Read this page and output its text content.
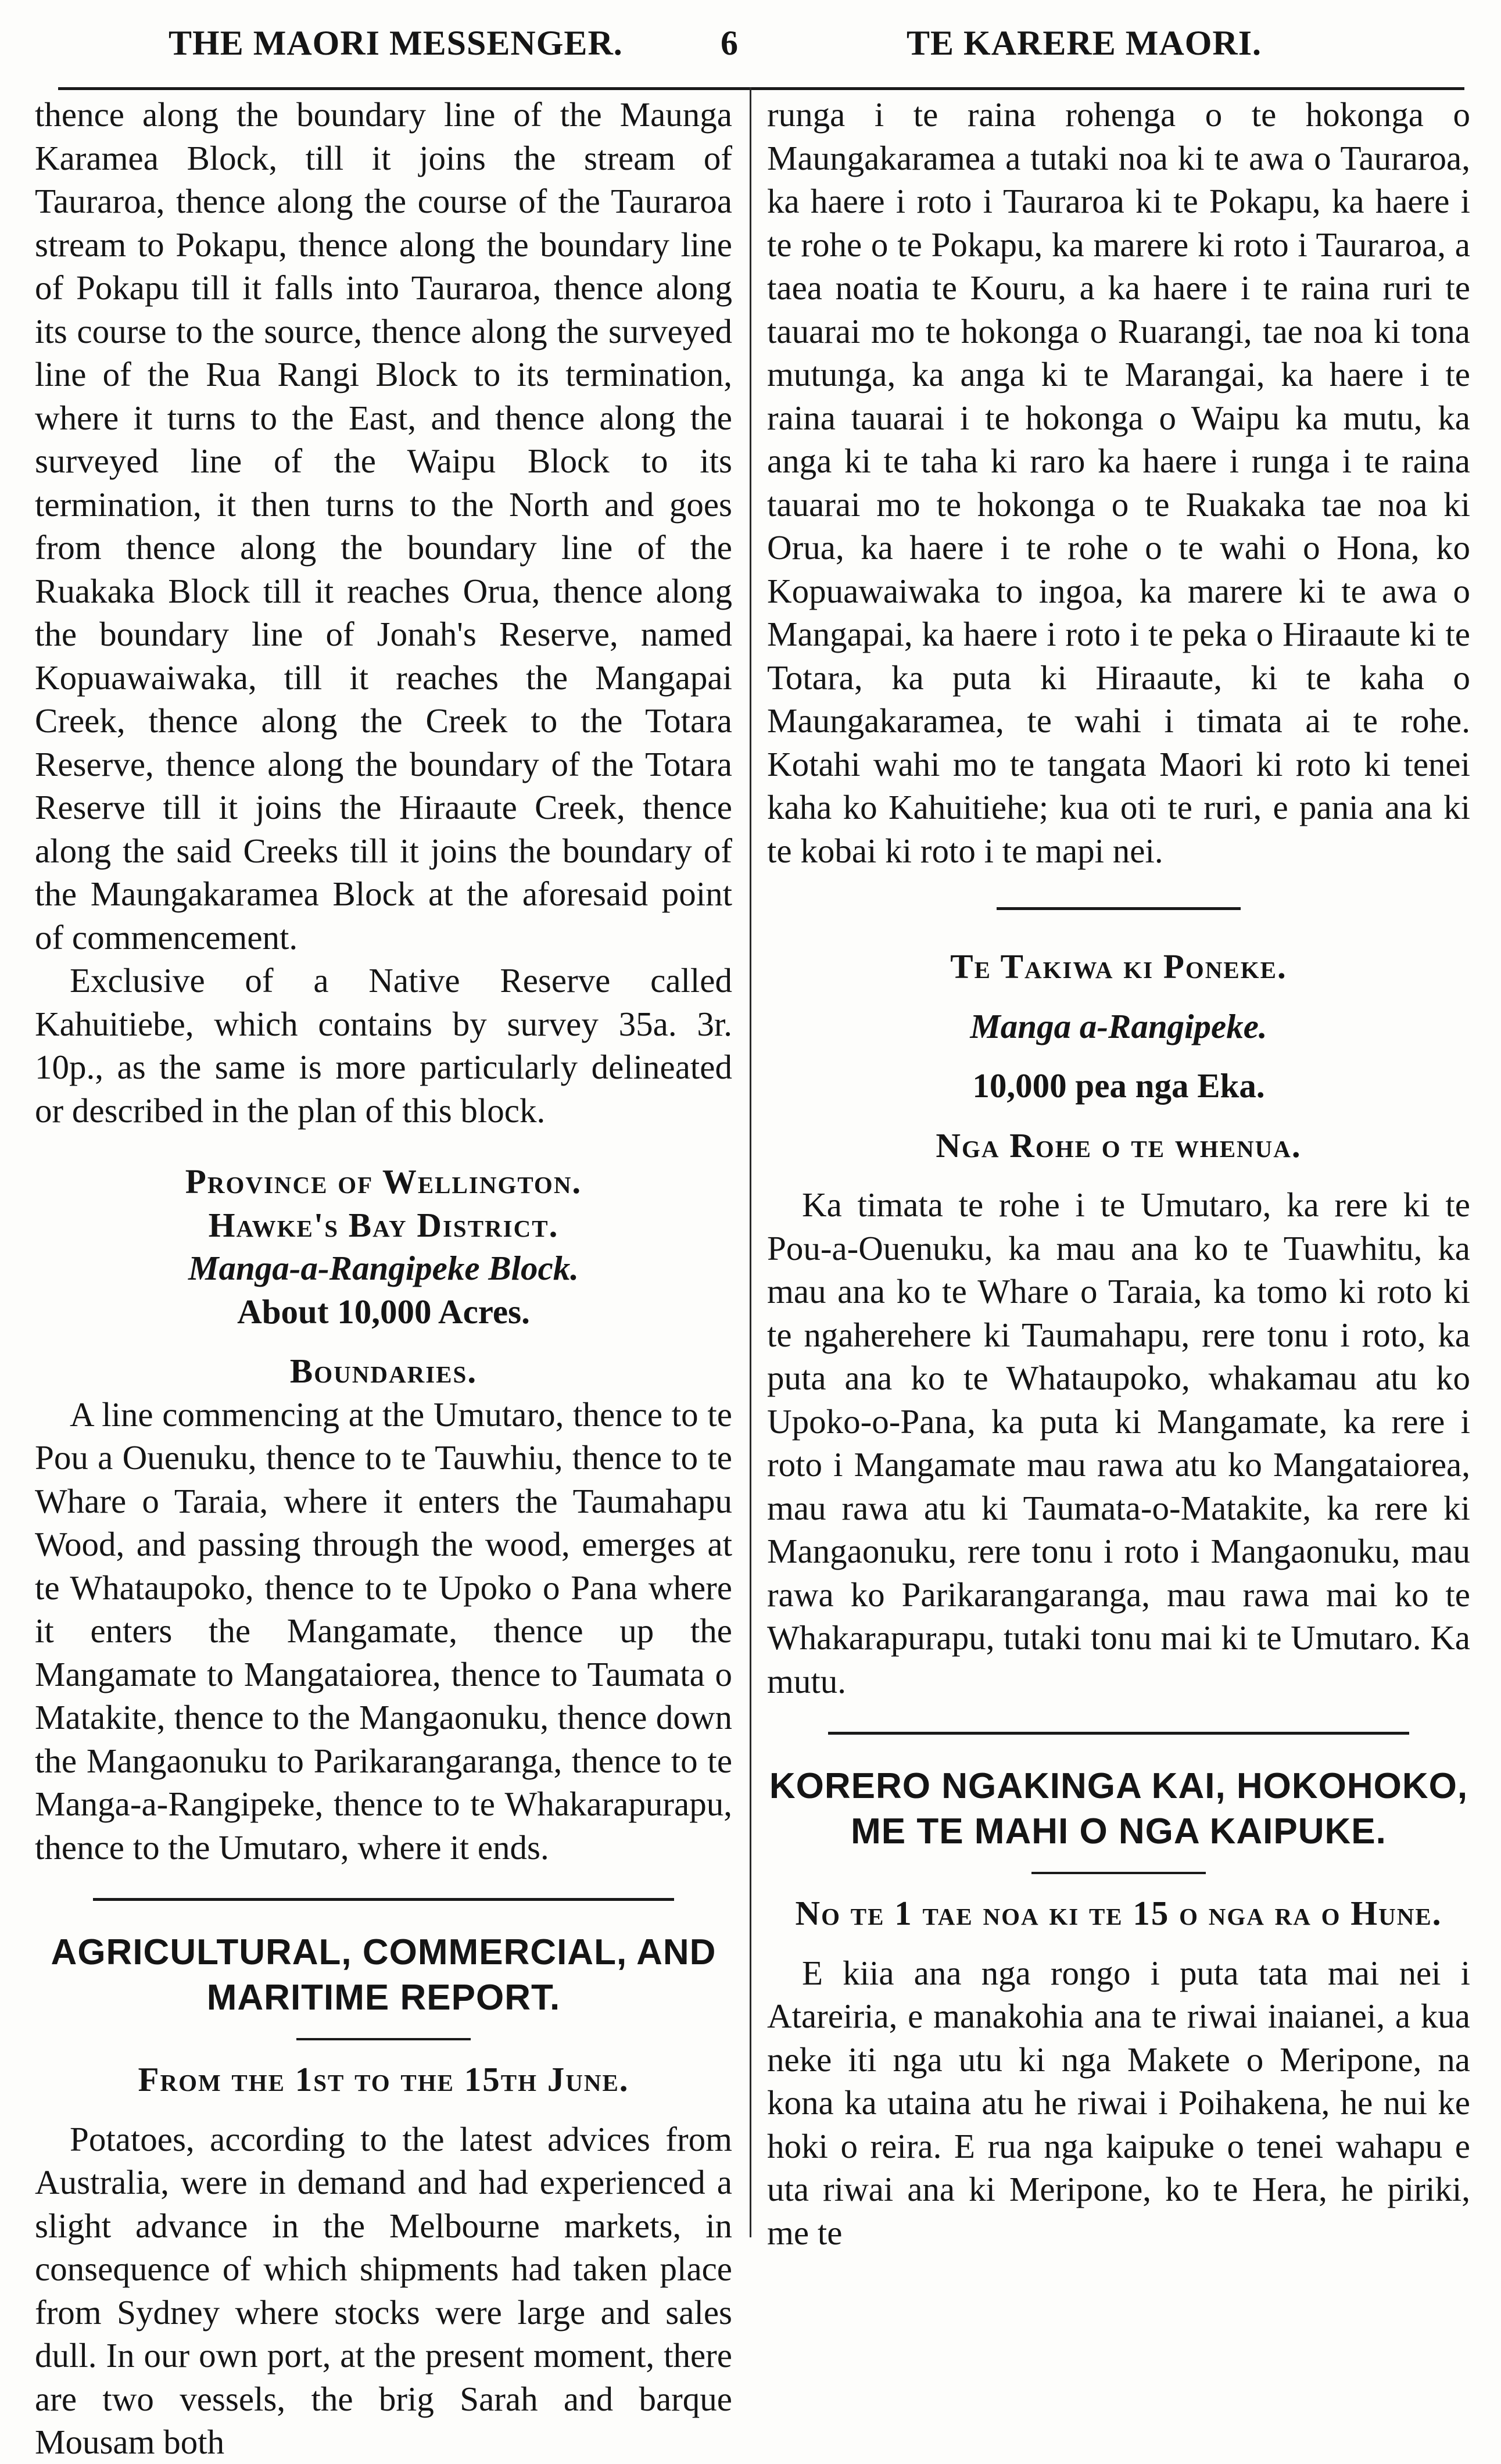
THE MAORI MESSENGER.	6	TE KARERE MAORI.

thence along the boundary line of the Maunga Karamea Block, till it joins the stream of Tauraroa, thence along the course of the Tauraroa stream to Pokapu, thence along the boundary line of Pokapu till it falls into Tauraroa, thence along its course to the source, thence along the surveyed line of the Rua Rangi Block to its termination, where it turns to the East, and thence along the surveyed line of the Waipu Block to its termination, it then turns to the North and goes from thence along the boundary line of the Ruakaka Block till it reaches Orua, thence along the boundary line of Jonah's Reserve, named Kopuawaiwaka, till it reaches the Mangapai Creek, thence along the Creek to the Totara Reserve, thence along the boundary of the Totara Reserve till it joins the Hiraaute Creek, thence along the said Creeks till it joins the boundary of the Maungakaramea Block at the aforesaid point of commencement.

Exclusive of a Native Reserve called Kahuitiebe, which contains by survey 35a. 3r. 10p., as the same is more particularly delineated or described in the plan of this block.

Province of Wellington.

Hawke's Bay District.

Manga-a-Rangipeke Block.

About 10,000 Acres.

Boundaries.

A line commencing at the Umutaro, thence to te Pou a Ouenuku, thence to te Tauwhiu, thence to te Whare o Taraia, where it enters the Taumahapu Wood, and passing through the wood, emerges at te Whataupoko, thence to te Upoko o Pana where it enters the Mangamate, thence up the Mangamate to Mangataiorea, thence to Taumata o Matakite, thence to the Mangaonuku, thence down the Mangaonuku to Parikarangaranga, thence to te Manga-a-Rangipeke, thence to te Whakarapurapu, thence to the Umutaro, where it ends.

AGRICULTURAL, COMMERCIAL, AND MARITIME REPORT.

From the 1st to the 15th June.

Potatoes, according to the latest advices from Australia, were in demand and had experienced a slight advance in the Melbourne markets, in consequence of which shipments had taken place from Sydney where stocks were large and sales dull. In our own port, at the present moment, there are two vessels, the brig Sarah and barque Mousam both

runga i te raina rohenga o te hokonga o Maungakaramea a tutaki noa ki te awa o Tauraroa, ka haere i roto i Tauraroa ki te Pokapu, ka haere i te rohe o te Pokapu, ka marere ki roto i Tauraroa, a taea noatia te Kouru, a ka haere i te raina ruri te tauarai mo te hokonga o Ruarangi, tae noa ki tona mutunga, ka anga ki te Marangai, ka haere i te raina tauarai i te hokonga o Waipu ka mutu, ka anga ki te taha ki raro ka haere i runga i te raina tauarai mo te hokonga o te Ruakaka tae noa ki Orua, ka haere i te rohe o te wahi o Hona, ko Kopuawaiwaka to ingoa, ka marere ki te awa o Mangapai, ka haere i roto i te peka o Hiraaute ki te Totara, ka puta ki Hiraaute, ki te kaha o Maungakaramea, te wahi i timata ai te rohe. Kotahi wahi mo te tangata Maori ki roto ki tenei kaha ko Kahuitiehe; kua oti te ruri, e pania ana ki te kobai ki roto i te mapi nei.

Te Takiwa ki Poneke.

Manga a-Rangipeke.

10,000 pea nga Eka.

Nga Rohe o te whenua.

Ka timata te rohe i te Umutaro, ka rere ki te Pou-a-Ouenuku, ka mau ana ko te Tuawhitu, ka mau ana ko te Whare o Taraia, ka tomo ki roto ki te ngaherehere ki Taumahapu, rere tonu i roto, ka puta ana ko te Whataupoko, whakamau atu ko Upoko-o-Pana, ka puta ki Mangamate, ka rere i roto i Mangamate mau rawa atu ko Mangataiorea, mau rawa atu ki Taumata-o-Matakite, ka rere ki Mangaonuku, rere tonu i roto i Mangaonuku, mau rawa ko Parikarangaranga, mau rawa mai ko te Whakarapurapu, tutaki tonu mai ki te Umutaro. Ka mutu.

KORERO NGAKINGA KAI, HOKOHOKO, ME TE MAHI O NGA KAIPUKE.

No te 1 tae noa ki te 15 o nga ra o Hune.

E kiia ana nga rongo i puta tata mai nei i Atareiria, e manakohia ana te riwai inaianei, a kua neke iti nga utu ki nga Makete o Meripone, na kona ka utaina atu he riwai i Poihakena, he nui ke hoki o reira. E rua nga kaipuke o tenei wahapu e uta riwai ana ki Meripone, ko te Hera, he piriki, me te
